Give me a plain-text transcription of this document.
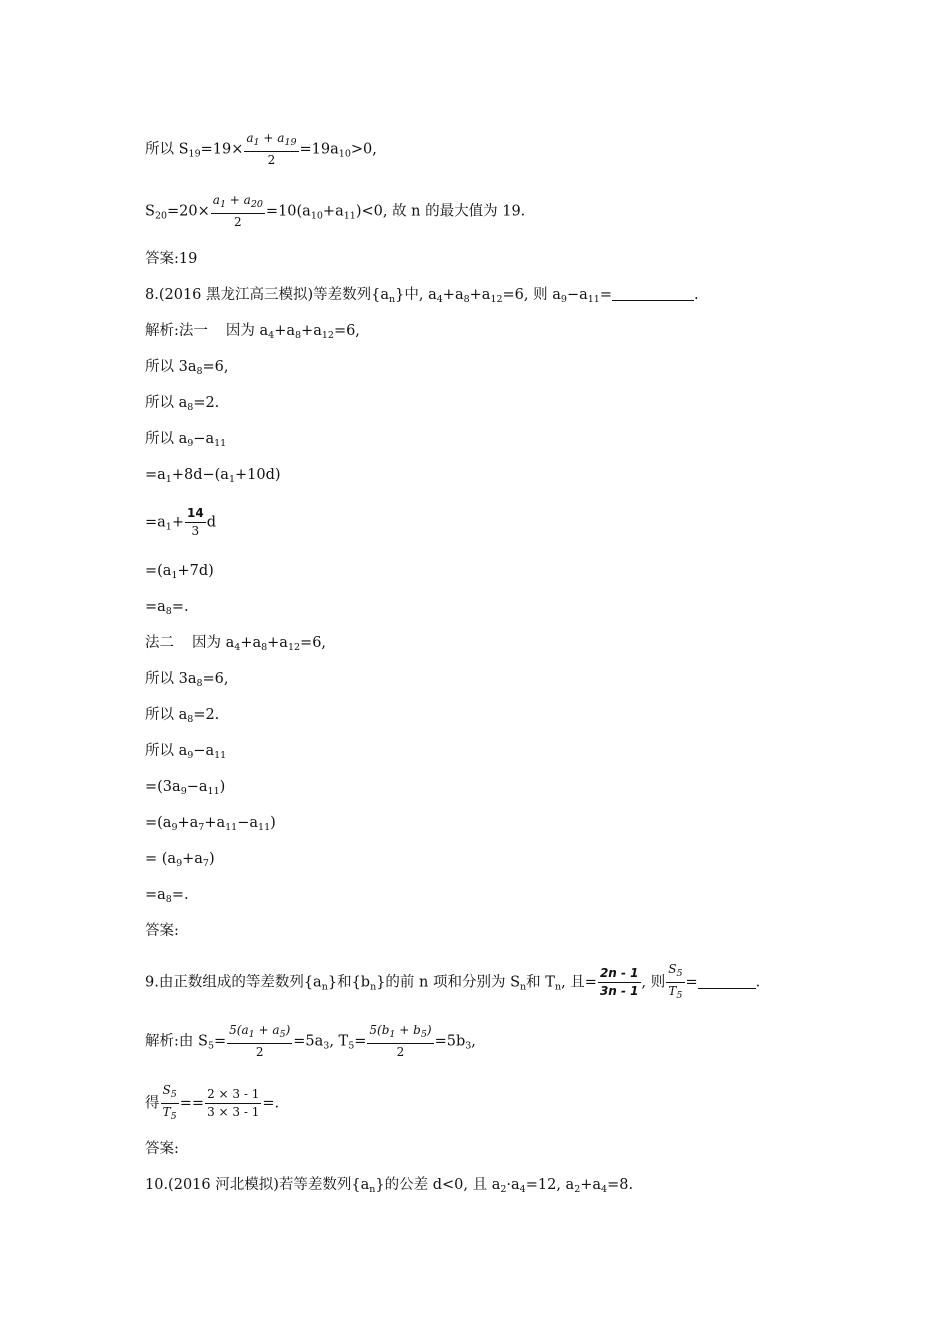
所以 $S_{19}=19\times \frac{a_1 + a_{19}}{2} =19a_{10}>0$,
$S_{20}=20\times \frac{a_1 + a_{20}}{2} =10(a_{10}+a_{11})<0$, 故 n 的最大值为 19.
答案:19
8.(2016 黑龙江高三模拟)等差数列$\{a_n\}$中, $a_4+a_8+a_{12}=6$, 则 $a_9-a_{11}=$	.
解析:法一 因为 $a_4+a_8+a_{12}=6$,
所以 $3a_8=6$,
所以 $a_8=2$.
所以 $a_9-a_{11}$
$=a_1+8d-(a_1+10d)$
$=a_1+ \frac{14}{3}$ d
$=(a_1+7d)$
$=a_8=$.
法二 因为 $a_4+a_8+a_{12}=6$,
所以 $3a_8=6$,
所以 $a_8=2$.
所以 $a_9-a_{11}$
$=(3a_9-a_{11})$
$=(a_9+a_7+a_{11}-a_{11})$
= $(a_9+a_7)$
$=a_8=$.
答案:
9.由正数组成的等差数列$\{a_n\}$和$\{b_n\}$的前 n 项和分别为 $S_n$和 $T_n$, 且= $\frac{2n - 1}{3n - 1}$ , 则 $\frac{S_5}{T_5}$ =	.
解析:由 $S_5= \frac{5(a_1 + a_5)}{2} =5a_3$, $T_5= \frac{5(b_1 + b_5)}{2} =5b_3$,
得 $\frac{S_5}{T_5} == \frac{2 \times 3 - 1}{3 \times 3 - 1}$ =.
答案:
10.(2016 河北模拟)若等差数列$\{a_n\}$的公差 d<0, 且 $a_2\cdot a_4=12$, $a_2+a_4=8$.
